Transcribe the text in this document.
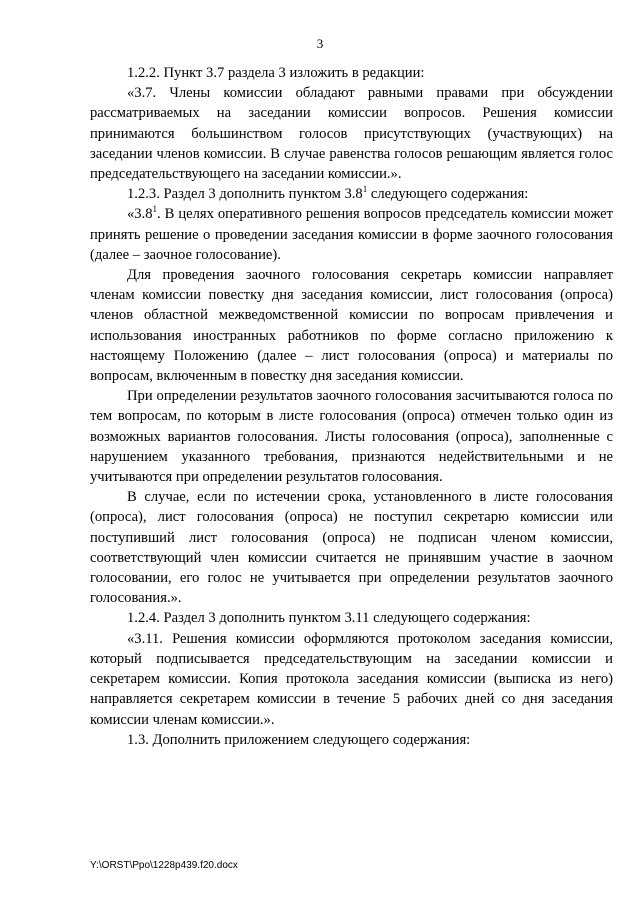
3

1.2.2. Пункт 3.7 раздела 3 изложить в редакции:

«3.7. Члены комиссии обладают равными правами при обсуждении рассматриваемых на заседании комиссии вопросов. Решения комиссии принимаются большинством голосов присутствующих (участвующих) на заседании членов комиссии. В случае равенства голосов решающим является голос председательствующего на заседании комиссии.».

1.2.3. Раздел 3 дополнить пунктом $3.8^1$ следующего содержания:

«$3.8^1$. В целях оперативного решения вопросов председатель комиссии может принять решение о проведении заседания комиссии в форме заочного голосования (далее – заочное голосование).

Для проведения заочного голосования секретарь комиссии направляет членам комиссии повестку дня заседания комиссии, лист голосования (опроса) членов областной межведомственной комиссии по вопросам привлечения и использования иностранных работников по форме согласно приложению к настоящему Положению (далее – лист голосования (опроса) и материалы по вопросам, включенным в повестку дня заседания комиссии.

При определении результатов заочного голосования засчитываются голоса по тем вопросам, по которым в листе голосования (опроса) отмечен только один из возможных вариантов голосования. Листы голосования (опроса), заполненные с нарушением указанного требования, признаются недействительными и не учитываются при определении результатов голосования.

В случае, если по истечении срока, установленного в листе голосования (опроса), лист голосования (опроса) не поступил секретарю комиссии или поступивший лист голосования (опроса) не подписан членом комиссии, соответствующий член комиссии считается не принявшим участие в заочном голосовании, его голос не учитывается при определении результатов заочного голосования.».

1.2.4. Раздел 3 дополнить пунктом 3.11 следующего содержания:

«3.11. Решения комиссии оформляются протоколом заседания комиссии, который подписывается председательствующим на заседании комиссии и секретарем комиссии. Копия протокола заседания комиссии (выписка из него) направляется секретарем комиссии в течение 5 рабочих дней со дня заседания комиссии членам комиссии.».

1.3. Дополнить приложением следующего содержания:

Y:\ORST\Ppo\1228p439.f20.docx
